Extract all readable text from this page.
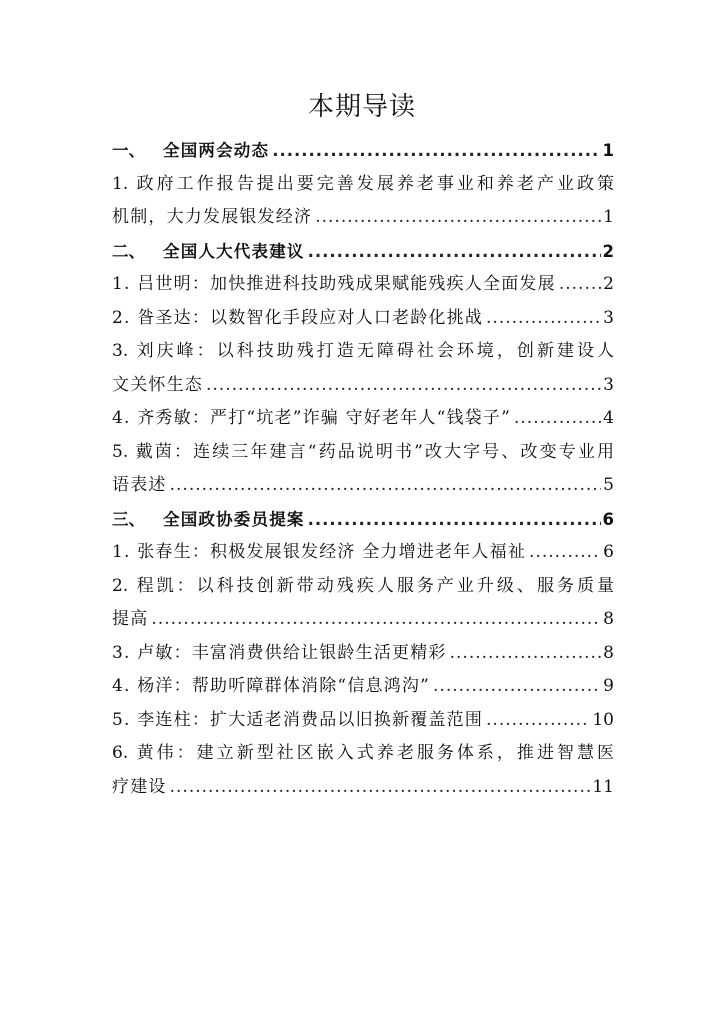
本期导读
一、 全国两会动态 .....	1
1. 政府工作报告提出要完善发展养老事业和养老产业政策
机制，大力发展银发经济 .....	1
二、 全国人大代表建议 .....	2
1. 吕世明：加快推进科技助残成果赋能残疾人全面发展 .....	2
2. 昝圣达：以数智化手段应对人口老龄化挑战 .....	3
3. 刘庆峰：以科技助残打造无障碍社会环境，创新建设人
文关怀生态 .....	3
4. 齐秀敏：严打“坑老”诈骗 守好老年人“钱袋子” .....	4
5. 戴茵：连续三年建言“药品说明书”改大字号、改变专业用
语表述 .....	5
三、 全国政协委员提案 .....	6
1. 张春生：积极发展银发经济 全力增进老年人福祉 .....	6
2. 程凯：以科技创新带动残疾人服务产业升级、服务质量
提高 .....	8
3. 卢敏：丰富消费供给让银龄生活更精彩 .....	8
4. 杨洋：帮助听障群体消除“信息鸿沟” .....	9
5. 李连柱：扩大适老消费品以旧换新覆盖范围 .....	10
6. 黄伟：建立新型社区嵌入式养老服务体系，推进智慧医
疗建设 .....	11
